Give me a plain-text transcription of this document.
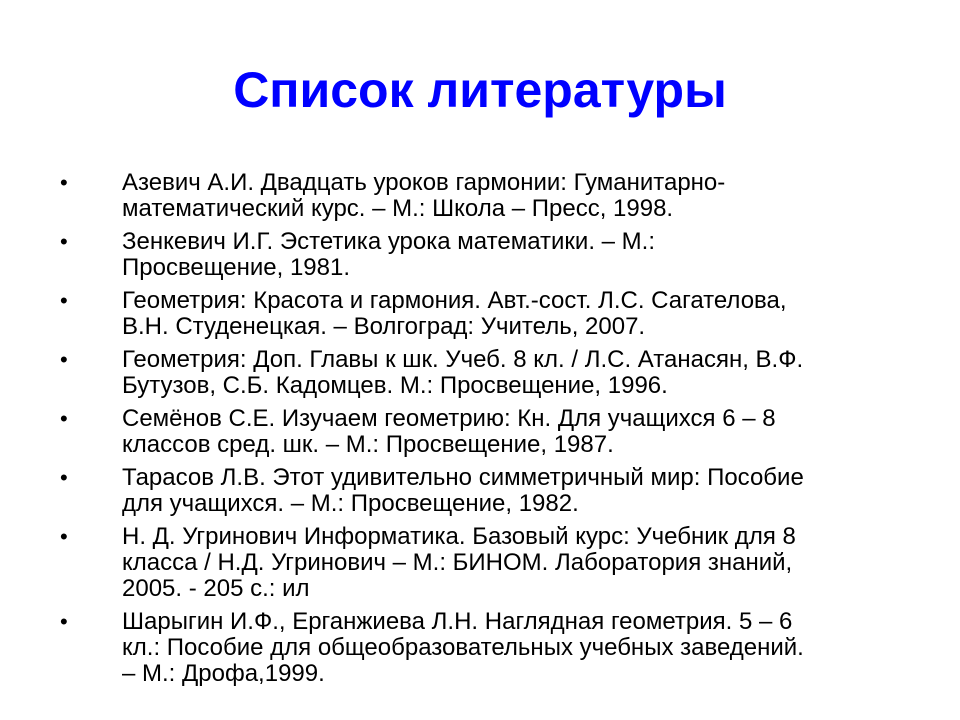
Список литературы
• Азевич А.И. Двадцать уроков гармонии: Гуманитарно-
математический курс. – М.: Школа – Пресс, 1998.
• Зенкевич И.Г. Эстетика урока математики. – М.:
Просвещение, 1981.
• Геометрия: Красота и гармония. Авт.-сост. Л.С. Сагателова,
В.Н. Студенецкая. – Волгоград: Учитель, 2007.
• Геометрия: Доп. Главы к шк. Учеб. 8 кл. / Л.С. Атанасян, В.Ф.
Бутузов, С.Б. Кадомцев. М.: Просвещение, 1996.
• Семёнов С.Е. Изучаем геометрию: Кн. Для учащихся 6 – 8
классов сред. шк. – М.: Просвещение, 1987.
• Тарасов Л.В. Этот удивительно симметричный мир: Пособие
для учащихся. – М.: Просвещение, 1982.
• Н. Д. Угринович Информатика. Базовый курс: Учебник для 8
класса / Н.Д. Угринович – М.: БИНОМ. Лаборатория знаний,
2005. - 205 с.: ил
• Шарыгин И.Ф., Ерганжиева Л.Н. Наглядная геометрия. 5 – 6
кл.: Пособие для общеобразовательных учебных заведений.
– М.: Дрофа,1999.
